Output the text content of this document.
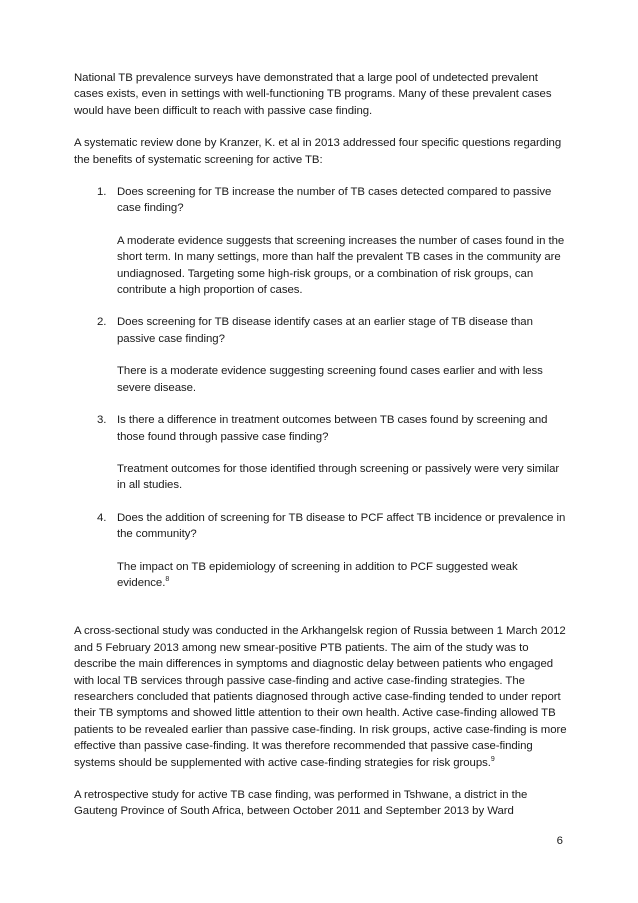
National TB prevalence surveys have demonstrated that a large pool of undetected prevalent cases exists, even in settings with well-functioning TB programs. Many of these prevalent cases would have been difficult to reach with passive case finding.

A systematic review done by Kranzer, K. et al in 2013 addressed four specific questions regarding the benefits of systematic screening for active TB:

1. Does screening for TB increase the number of TB cases detected compared to passive case finding?
A moderate evidence suggests that screening increases the number of cases found in the short term. In many settings, more than half the prevalent TB cases in the community are undiagnosed. Targeting some high-risk groups, or a combination of risk groups, can contribute a high proportion of cases.
2. Does screening for TB disease identify cases at an earlier stage of TB disease than passive case finding?
There is a moderate evidence suggesting screening found cases earlier and with less severe disease.
3. Is there a difference in treatment outcomes between TB cases found by screening and those found through passive case finding?
Treatment outcomes for those identified through screening or passively were very similar in all studies.
4. Does the addition of screening for TB disease to PCF affect TB incidence or prevalence in the community?
The impact on TB epidemiology of screening in addition to PCF suggested weak evidence.$^8$

A cross-sectional study was conducted in the Arkhangelsk region of Russia between 1 March 2012 and 5 February 2013 among new smear-positive PTB patients. The aim of the study was to describe the main differences in symptoms and diagnostic delay between patients who engaged with local TB services through passive case-finding and active case-finding strategies. The researchers concluded that patients diagnosed through active case-finding tended to under report their TB symptoms and showed little attention to their own health. Active case-finding allowed TB patients to be revealed earlier than passive case-finding. In risk groups, active case-finding is more effective than passive case-finding. It was therefore recommended that passive case-finding systems should be supplemented with active case-finding strategies for risk groups.$^9$

A retrospective study for active TB case finding, was performed in Tshwane, a district in the Gauteng Province of South Africa, between October 2011 and September 2013 by Ward

6
